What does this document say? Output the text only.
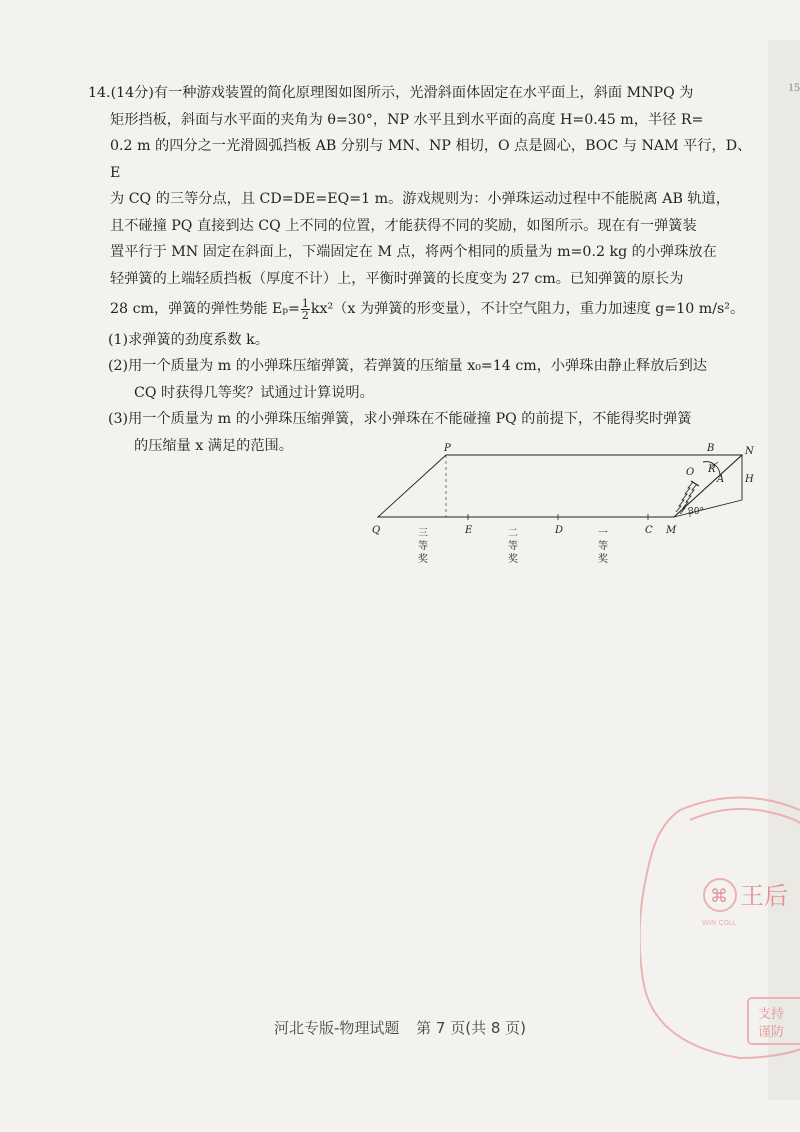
15

14.(14分)有一种游戏装置的简化原理图如图所示，光滑斜面体固定在水平面上，斜面 MNPQ 为

矩形挡板，斜面与水平面的夹角为 θ=30°，NP 水平且到水平面的高度 H=0.45 m，半径 R=

0.2 m 的四分之一光滑圆弧挡板 AB 分别与 MN、NP 相切，O 点是圆心，BOC 与 NAM 平行，D、E

为 CQ 的三等分点，且 CD=DE=EQ=1 m。游戏规则为：小弹珠运动过程中不能脱离 AB 轨道，

且不碰撞 PQ 直接到达 CQ 上不同的位置，才能获得不同的奖励，如图所示。现在有一弹簧装

置平行于 MN 固定在斜面上，下端固定在 M 点，将两个相同的质量为 m=0.2 kg 的小弹珠放在

轻弹簧的上端轻质挡板（厚度不计）上，平衡时弹簧的长度变为 27 cm。已知弹簧的原长为

28 cm，弹簧的弹性势能 $E_p= \frac{1}{2} kx^2(x$ 为弹簧的形变量），不计空气阻力，重力加速度 g=10 m/s²。

(1)求弹簧的劲度系数 k。

(2)用一个质量为 m 的小弹珠压缩弹簧，若弹簧的压缩量 x₀=14 cm，小弹珠由静止释放后到达

CQ 时获得几等奖？试通过计算说明。

(3)用一个质量为 m 的小弹珠压缩弹簧，求小弹珠在不能碰撞 PQ 的前提下，不能得奖时弹簧

的压缩量 x 满足的范围。	P	B	N
O R
A H
Q	E	D	C M
30°
三
等
奖
二
等
奖
一
等
奖
⌘ 王后
WIN COLL
支持
谨防
河北专版-物理试题 第 7 页(共 8 页)
